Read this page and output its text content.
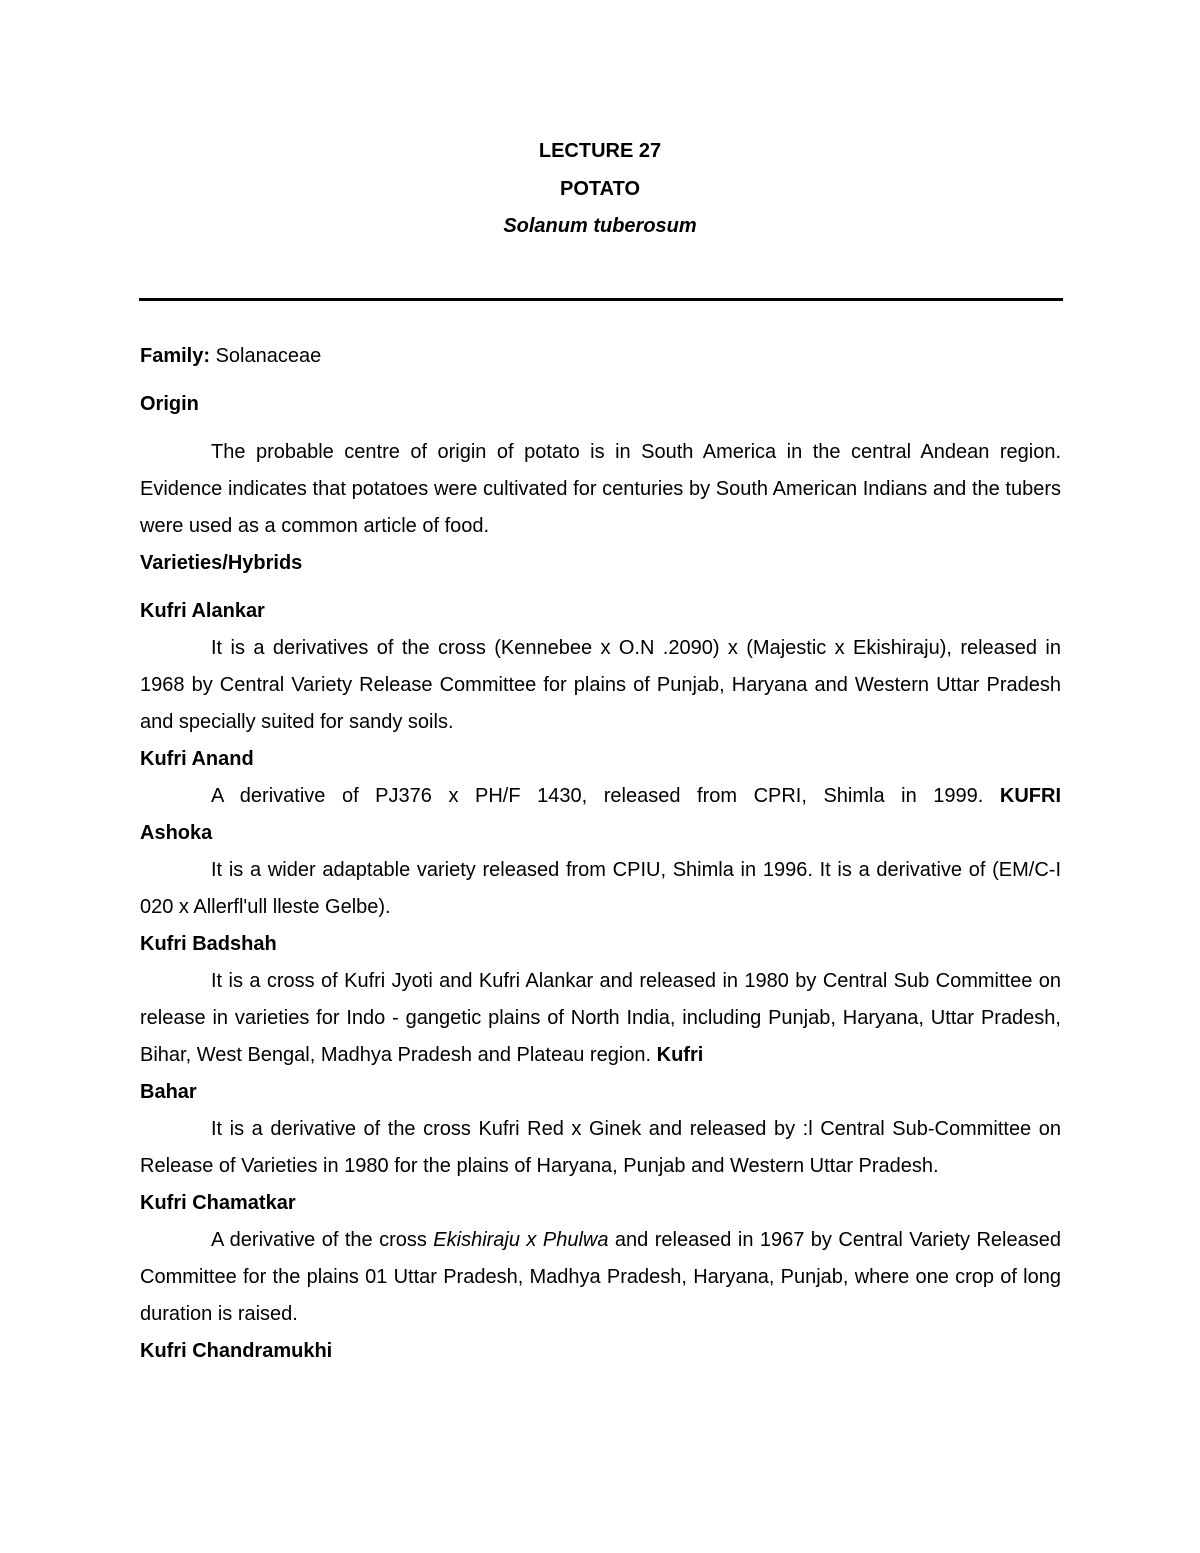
LECTURE 27
POTATO
Solanum tuberosum

Family: Solanaceae

Origin

The probable centre of origin of potato is in South America in the central Andean region. Evidence indicates that potatoes were cultivated for centuries by South American Indians and the tubers were used as a common article of food.

Varieties/Hybrids

Kufri Alankar

It is a derivatives of the cross (Kennebee x O.N .2090) x (Majestic x Ekishiraju), released in 1968 by Central Variety Release Committee for plains of Punjab, Haryana and Western Uttar Pradesh and specially suited for sandy soils.

Kufri Anand

A derivative of PJ376 x PH/F 1430, released from CPRI, Shimla in 1999. KUFRI

Ashoka

It is a wider adaptable variety released from CPIU, Shimla in 1996. It is a derivative of (EM/C-I 020 x Allerfl'ull lleste Gelbe).

Kufri Badshah

It is a cross of Kufri Jyoti and Kufri Alankar and released in 1980 by Central Sub Committee on release in varieties for Indo - gangetic plains of North India, including Punjab, Haryana, Uttar Pradesh, Bihar, West Bengal, Madhya Pradesh and Plateau region. Kufri

Bahar

It is a derivative of the cross Kufri Red x Ginek and released by :l Central Sub-Committee on Release of Varieties in 1980 for the plains of Haryana, Punjab and Western Uttar Pradesh.

Kufri Chamatkar

A derivative of the cross Ekishiraju x Phulwa and released in 1967 by Central Variety Released Committee for the plains 01 Uttar Pradesh, Madhya Pradesh, Haryana, Punjab, where one crop of long duration is raised.

Kufri Chandramukhi
